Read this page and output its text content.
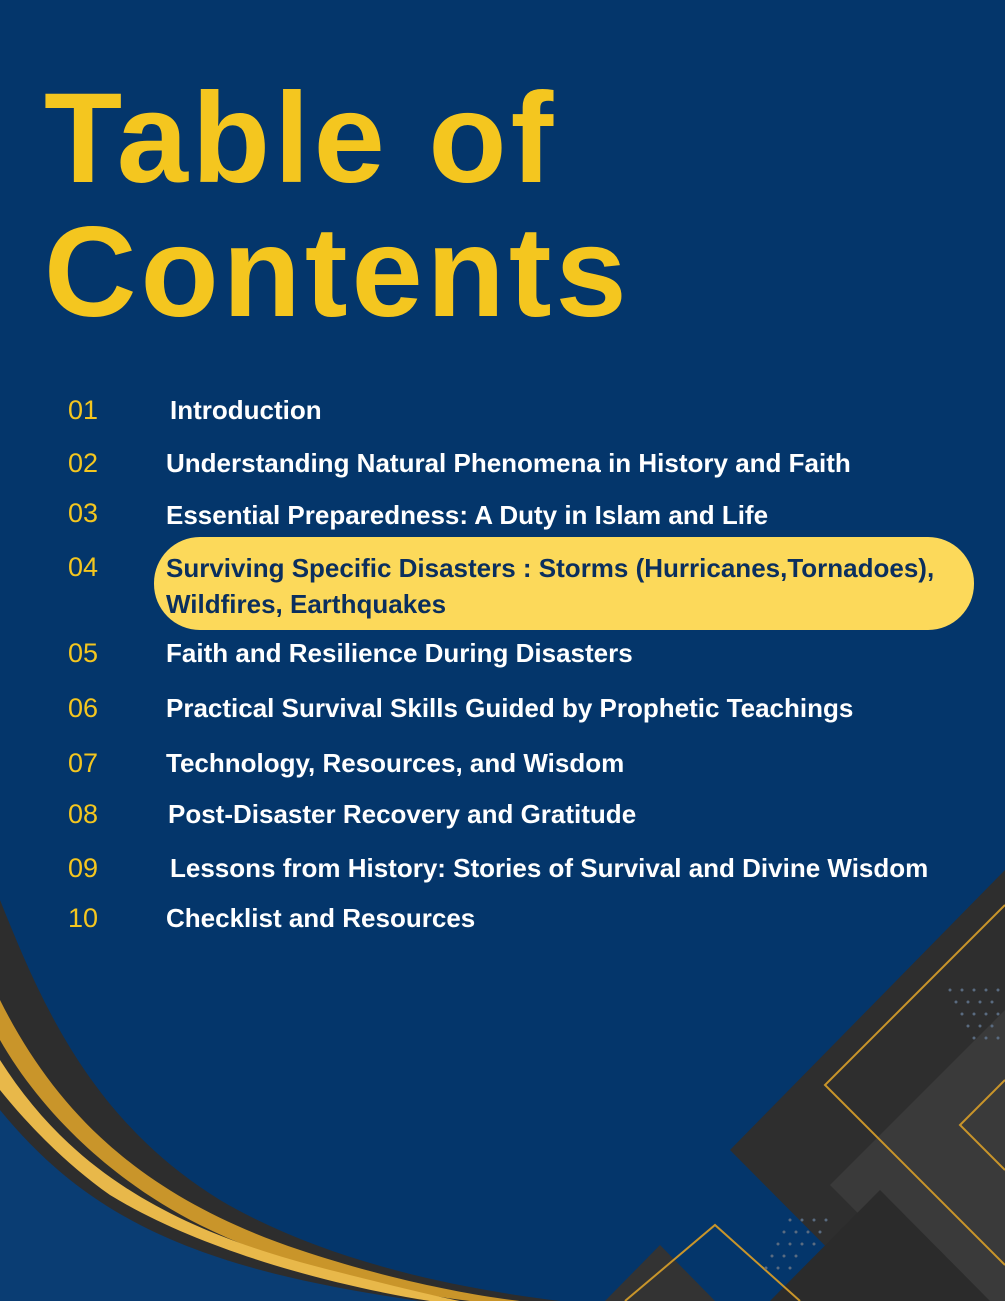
Table of
Contents
01	Introduction
02	Understanding Natural Phenomena in History and Faith
03	Essential Preparedness: A Duty in Islam and Life
04	Surviving Specific Disasters : Storms (Hurricanes,Tornadoes), Wildfires, Earthquakes
05	Faith and Resilience During Disasters
06	Practical Survival Skills Guided by Prophetic Teachings
07	Technology, Resources, and Wisdom
08	Post-Disaster Recovery and Gratitude
09	Lessons from History: Stories of Survival and Divine Wisdom
10	Checklist and Resources
